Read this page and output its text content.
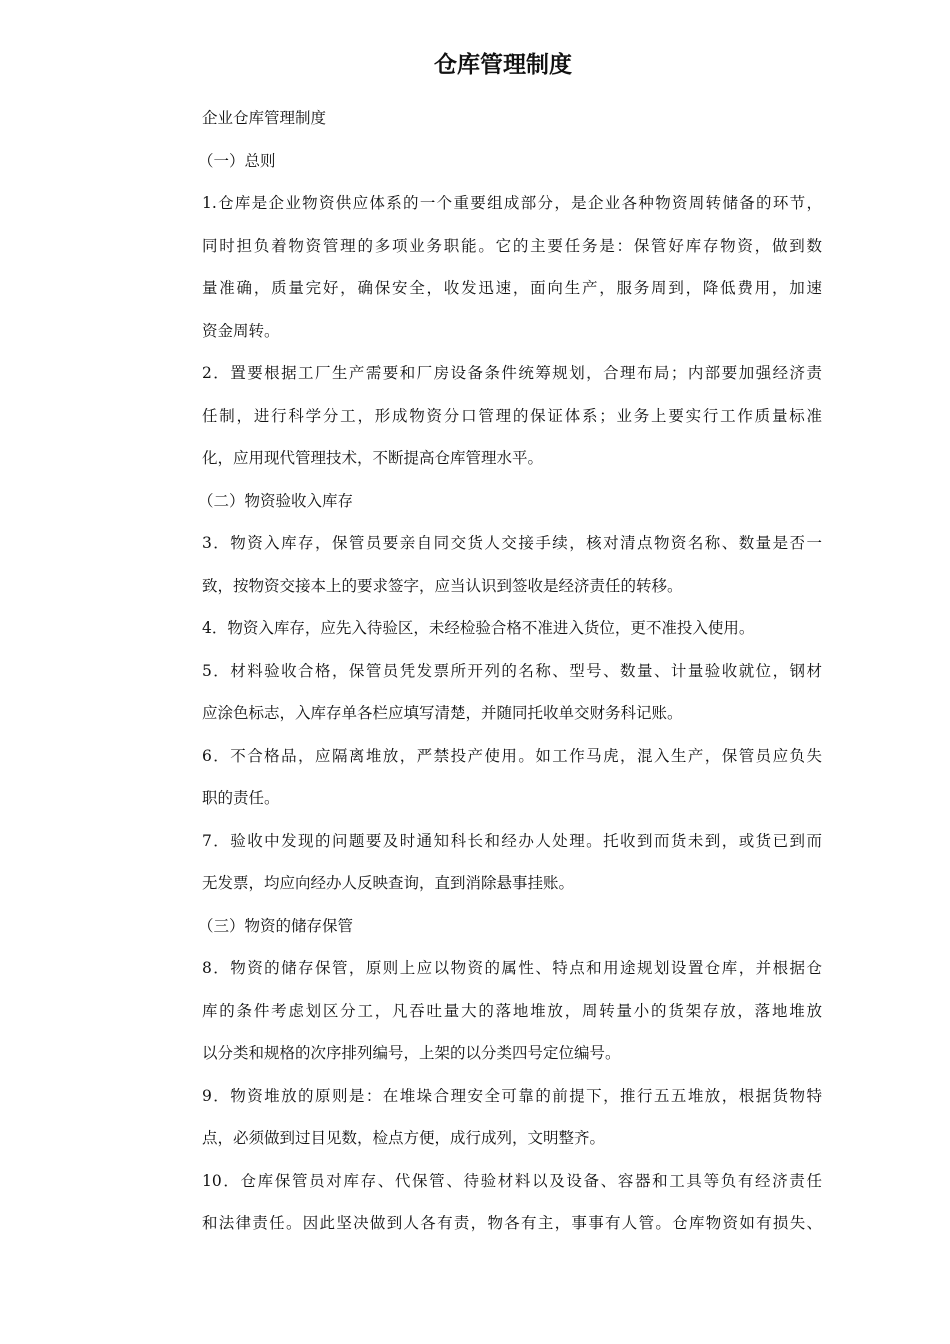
仓库管理制度
企业仓库管理制度
（一）总则
1.仓库是企业物资供应体系的一个重要组成部分，是企业各种物资周转储备的环节，
同时担负着物资管理的多项业务职能。它的主要任务是：保管好库存物资，做到数
量准确，质量完好，确保安全，收发迅速，面向生产，服务周到，降低费用，加速
资金周转。
2．置要根据工厂生产需要和厂房设备条件统筹规划，合理布局；内部要加强经济责
任制，进行科学分工，形成物资分口管理的保证体系；业务上要实行工作质量标准
化，应用现代管理技术，不断提高仓库管理水平。
（二）物资验收入库存
3．物资入库存，保管员要亲自同交货人交接手续，核对清点物资名称、数量是否一
致，按物资交接本上的要求签字，应当认识到签收是经济责任的转移。
4．物资入库存，应先入待验区，未经检验合格不准进入货位，更不准投入使用。
5．材料验收合格，保管员凭发票所开列的名称、型号、数量、计量验收就位，钢材
应涂色标志，入库存单各栏应填写清楚，并随同托收单交财务科记账。
6．不合格品，应隔离堆放，严禁投产使用。如工作马虎，混入生产，保管员应负失
职的责任。
7．验收中发现的问题要及时通知科长和经办人处理。托收到而货未到，或货已到而
无发票，均应向经办人反映查询，直到消除悬事挂账。
（三）物资的储存保管
8．物资的储存保管，原则上应以物资的属性、特点和用途规划设置仓库，并根据仓
库的条件考虑划区分工，凡吞吐量大的落地堆放，周转量小的货架存放，落地堆放
以分类和规格的次序排列编号，上架的以分类四号定位编号。
9．物资堆放的原则是：在堆垛合理安全可靠的前提下，推行五五堆放，根据货物特
点，必须做到过目见数，检点方便，成行成列，文明整齐。
10．仓库保管员对库存、代保管、待验材料以及设备、容器和工具等负有经济责任
和法律责任。因此坚决做到人各有责，物各有主，事事有人管。仓库物资如有损失、
